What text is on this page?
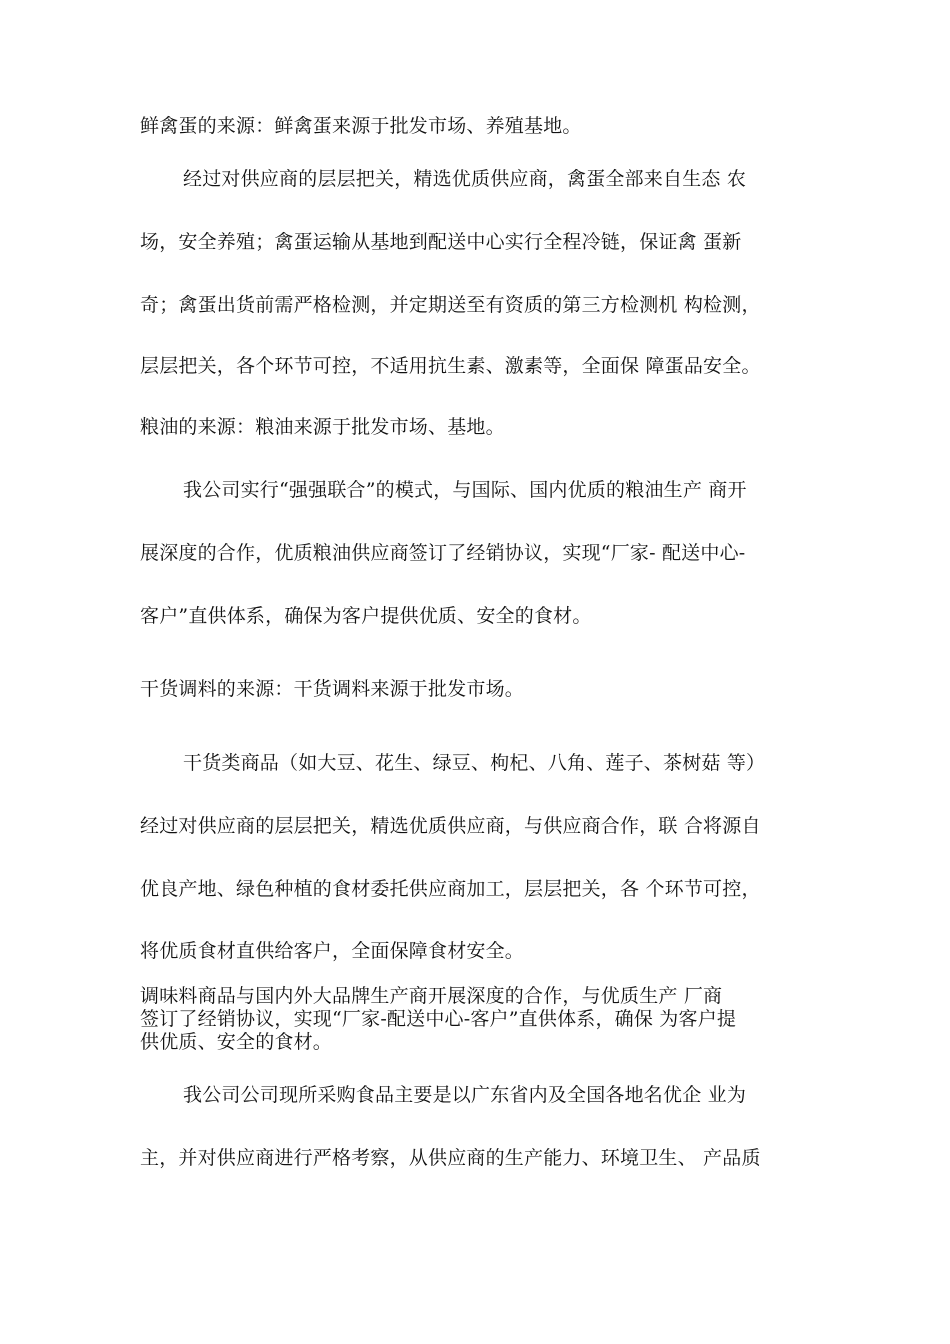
鲜禽蛋的来源：鲜禽蛋来源于批发市场、养殖基地。
经过对供应商的层层把关，精选优质供应商，禽蛋全部来自生态 农
场，安全养殖；禽蛋运输从基地到配送中心实行全程冷链，保证禽 蛋新
奇；禽蛋出货前需严格检测，并定期送至有资质的第三方检测机 构检测，
层层把关，各个环节可控，不适用抗生素、激素等，全面保 障蛋品安全。
粮油的来源：粮油来源于批发市场、基地。
我公司实行“强强联合”的模式，与国际、国内优质的粮油生产 商开
展深度的合作，优质粮油供应商签订了经销协议，实现“厂家- 配送中心-
客户”直供体系，确保为客户提供优质、安全的食材。
干货调料的来源：干货调料来源于批发市场。
干货类商品（如大豆、花生、绿豆、枸杞、八角、莲子、茶树菇 等）
经过对供应商的层层把关，精选优质供应商，与供应商合作，联 合将源自
优良产地、绿色种植的食材委托供应商加工，层层把关，各 个环节可控，
将优质食材直供给客户，全面保障食材安全。
调味料商品与国内外大品牌生产商开展深度的合作，与优质生产 厂商
签订了经销协议，实现“厂家-配送中心-客户”直供体系，确保 为客户提
供优质、安全的食材。
我公司公司现所采购食品主要是以广东省内及全国各地名优企 业为
主，并对供应商进行严格考察，从供应商的生产能力、环境卫生、 产品质
